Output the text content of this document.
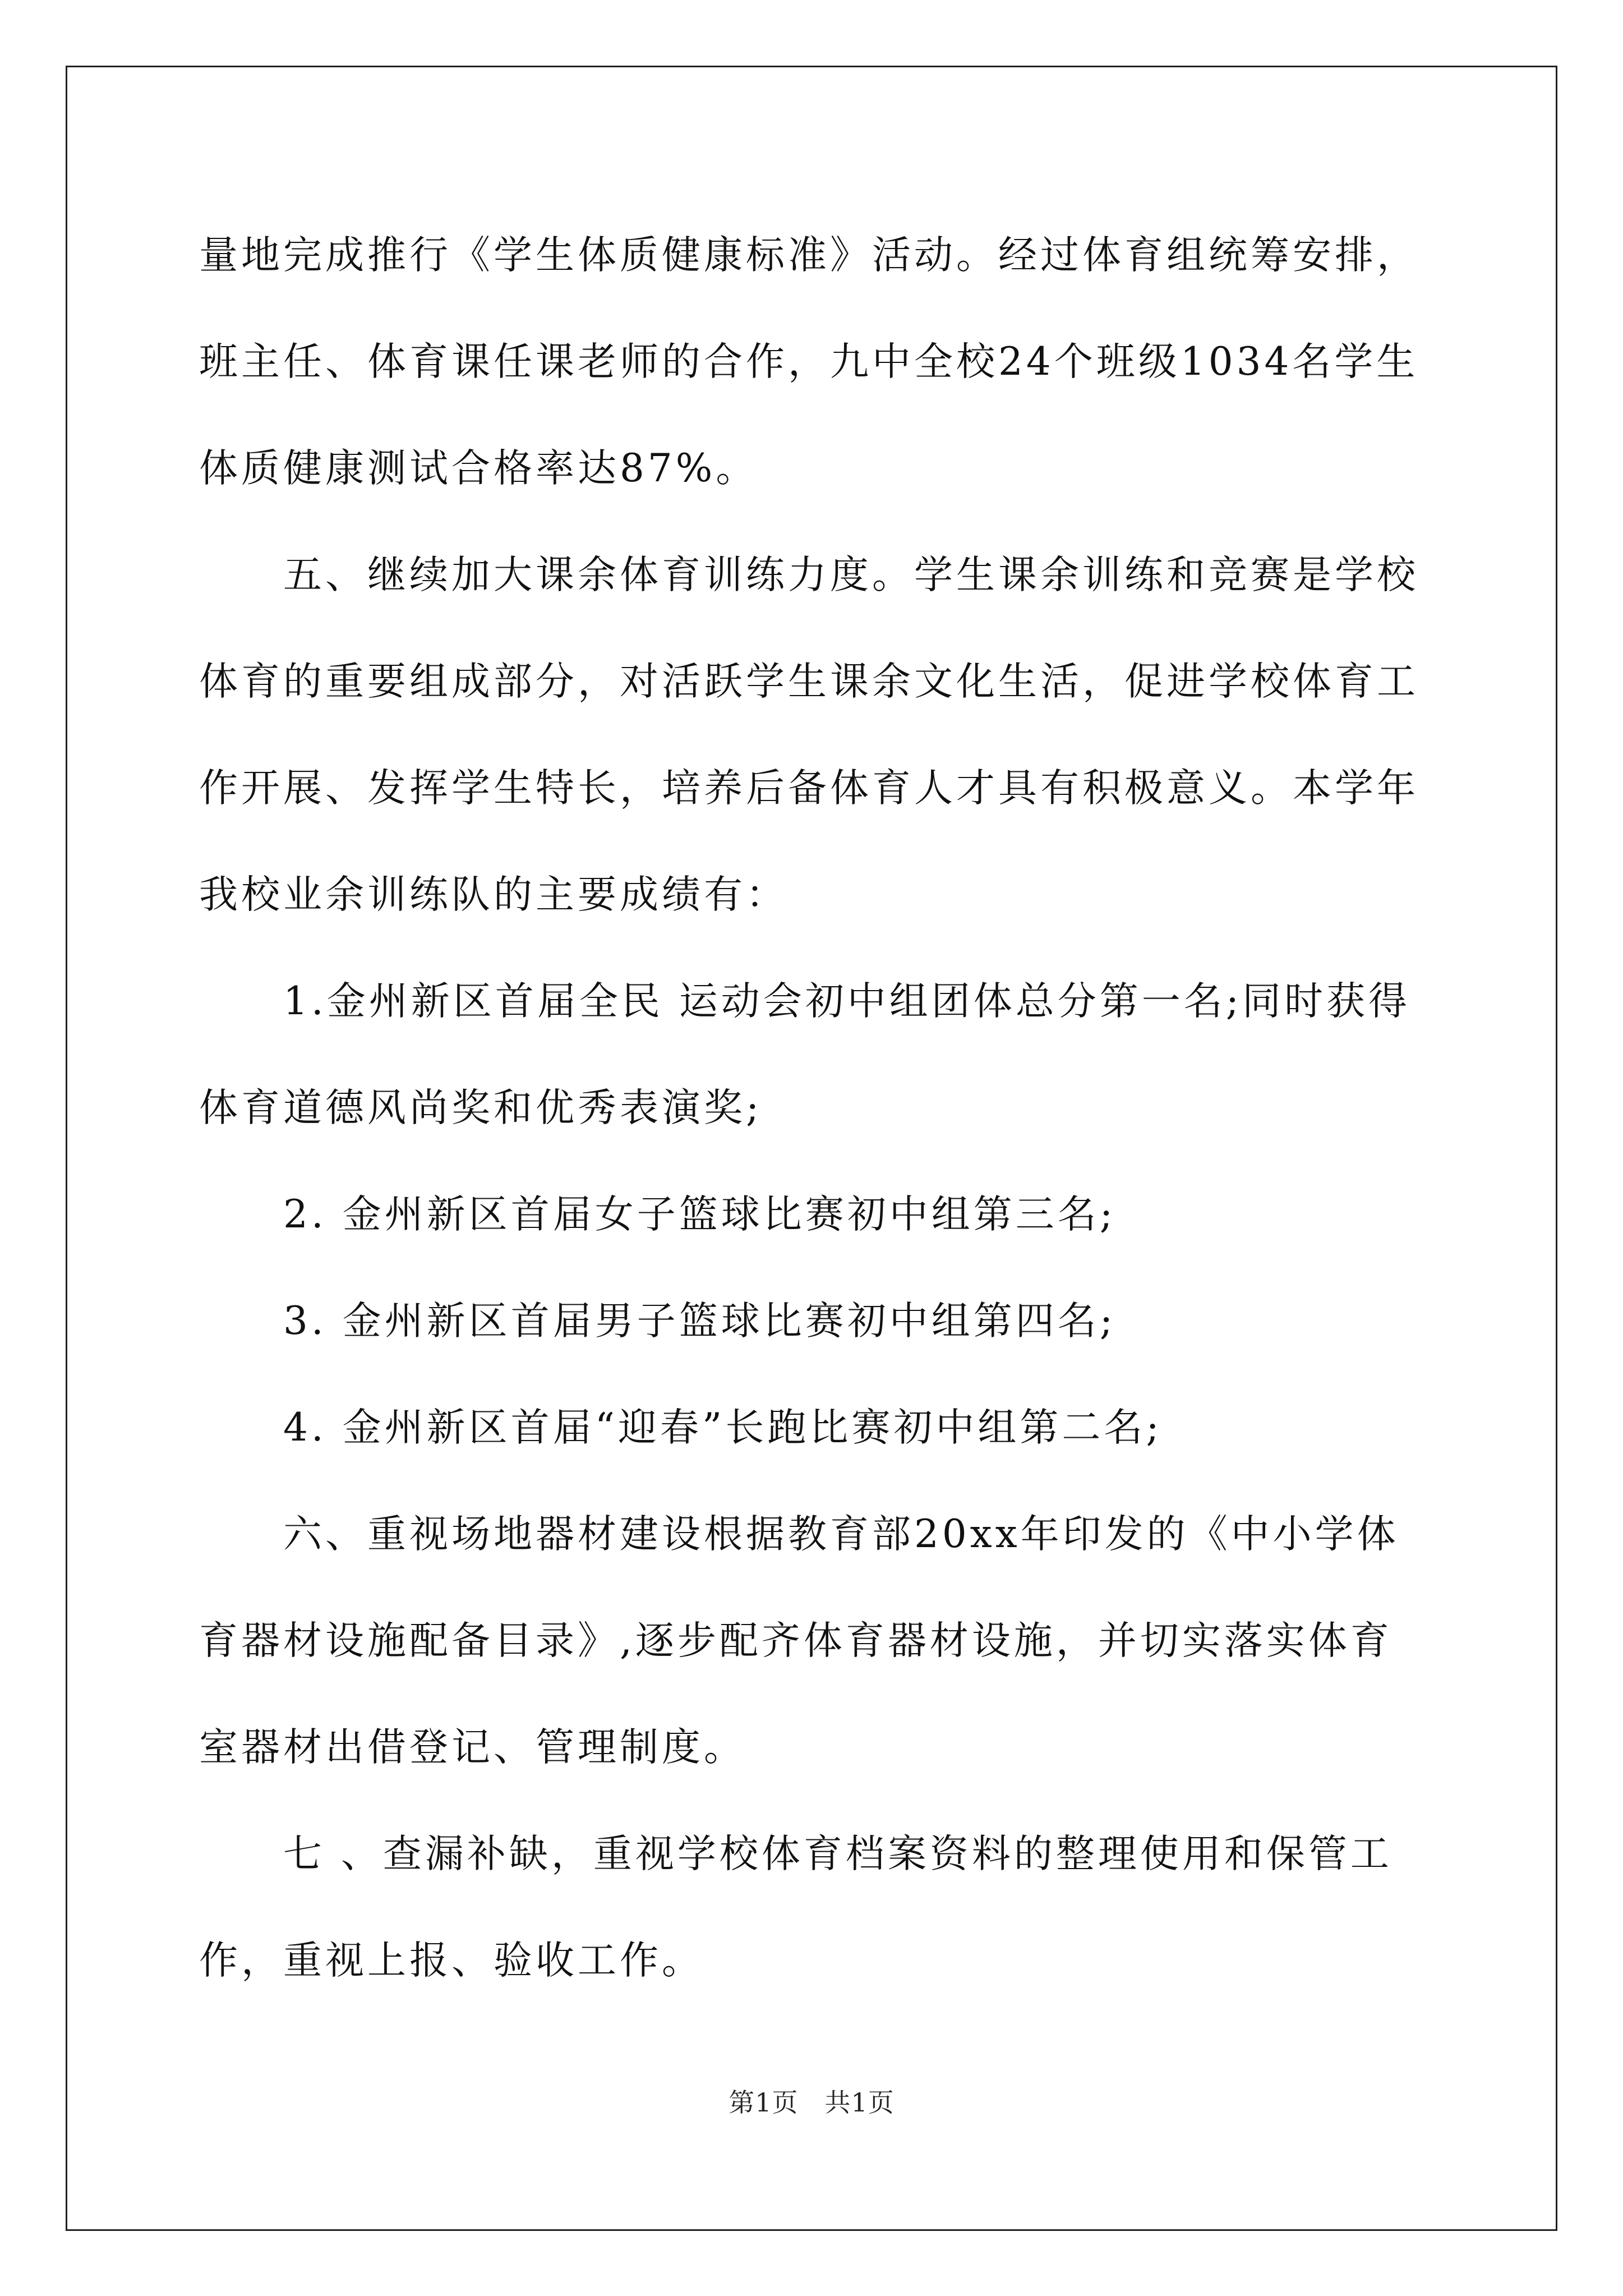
量地完成推行《学生体质健康标准》活动。经过体育组统筹安排，班主任、体育课任课老师的合作，九中全校24个班级1034名学生体质健康测试合格率达87%。

五、继续加大课余体育训练力度。学生课余训练和竞赛是学校体育的重要组成部分，对活跃学生课余文化生活，促进学校体育工作开展、发挥学生特长，培养后备体育人才具有积极意义。本学年我校业余训练队的主要成绩有：

1.金州新区首届全民 运动会初中组团体总分第一名;同时获得体育道德风尚奖和优秀表演奖;

2. 金州新区首届女子篮球比赛初中组第三名;

3. 金州新区首届男子篮球比赛初中组第四名;

4. 金州新区首届“迎春”长跑比赛初中组第二名;

六、重视场地器材建设根据教育部20xx年印发的《中小学体育器材设施配备目录》,逐步配齐体育器材设施，并切实落实体育室器材出借登记、管理制度。

七 、查漏补缺，重视学校体育档案资料的整理使用和保管工作，重视上报、验收工作。

第1页　共1页
